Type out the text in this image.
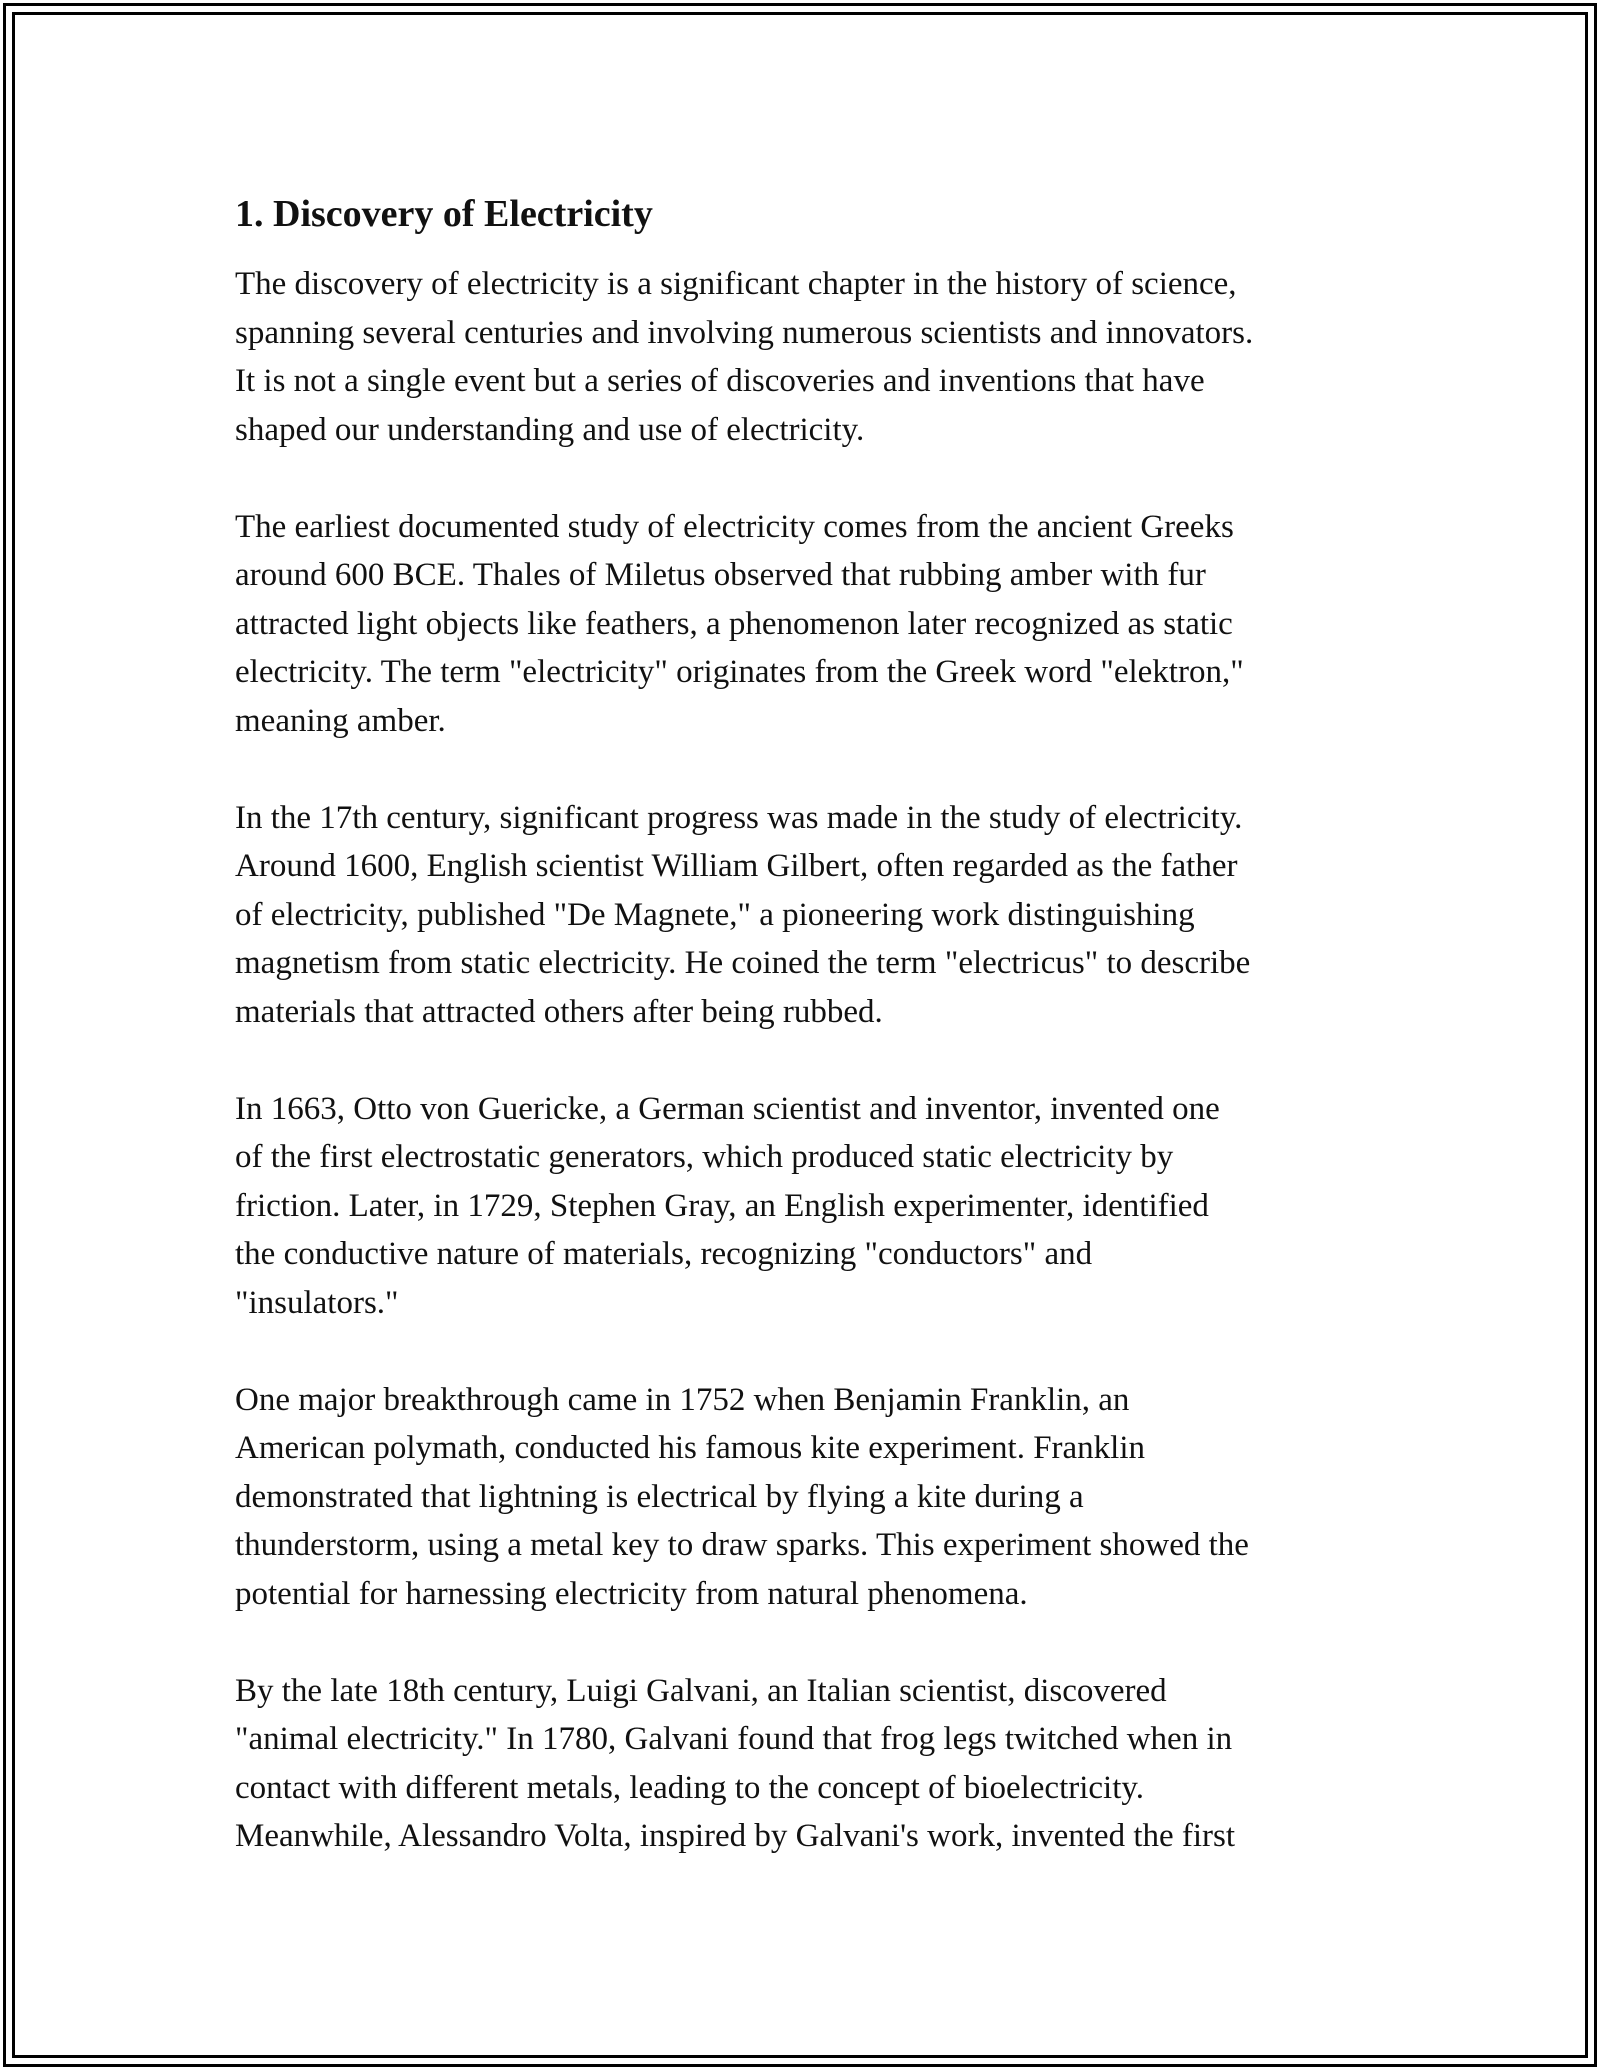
1. Discovery of Electricity
The discovery of electricity is a significant chapter in the history of science,
spanning several centuries and involving numerous scientists and innovators.
It is not a single event but a series of discoveries and inventions that have
shaped our understanding and use of electricity.
The earliest documented study of electricity comes from the ancient Greeks
around 600 BCE. Thales of Miletus observed that rubbing amber with fur
attracted light objects like feathers, a phenomenon later recognized as static
electricity. The term "electricity" originates from the Greek word "elektron,"
meaning amber.
In the 17th century, significant progress was made in the study of electricity.
Around 1600, English scientist William Gilbert, often regarded as the father
of electricity, published "De Magnete," a pioneering work distinguishing
magnetism from static electricity. He coined the term "electricus" to describe
materials that attracted others after being rubbed.
In 1663, Otto von Guericke, a German scientist and inventor, invented one
of the first electrostatic generators, which produced static electricity by
friction. Later, in 1729, Stephen Gray, an English experimenter, identified
the conductive nature of materials, recognizing "conductors" and
"insulators."
One major breakthrough came in 1752 when Benjamin Franklin, an
American polymath, conducted his famous kite experiment. Franklin
demonstrated that lightning is electrical by flying a kite during a
thunderstorm, using a metal key to draw sparks. This experiment showed the
potential for harnessing electricity from natural phenomena.
By the late 18th century, Luigi Galvani, an Italian scientist, discovered
"animal electricity." In 1780, Galvani found that frog legs twitched when in
contact with different metals, leading to the concept of bioelectricity.
Meanwhile, Alessandro Volta, inspired by Galvani's work, invented the first
